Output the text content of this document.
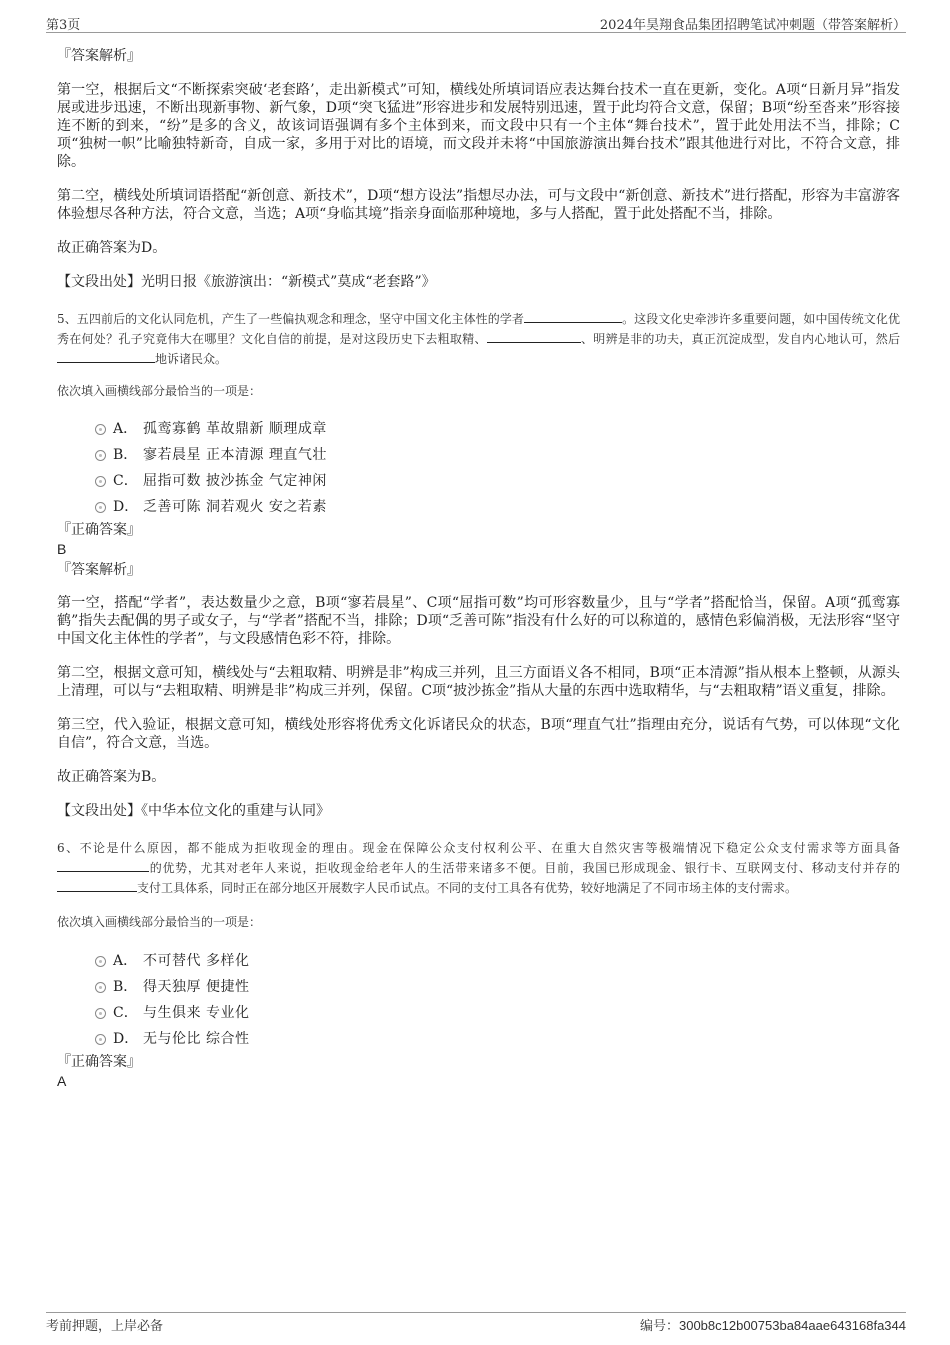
第3页	2024年昊翔食品集团招聘笔试冲刺题（带答案解析）

『答案解析』

第一空，根据后文“不断探索突破‘老套路’，走出新模式”可知，横线处所填词语应表达舞台技术一直在更新，变化。A项“日新月异”指发展或进步迅速，不断出现新事物、新气象，D项“突飞猛进”形容进步和发展特别迅速，置于此均符合文意，保留；B项“纷至沓来”形容接连不断的到来，“纷”是多的含义，故该词语强调有多个主体到来，而文段中只有一个主体“舞台技术”，置于此处用法不当，排除；C项“独树一帜”比喻独特新奇，自成一家，多用于对比的语境，而文段并未将“中国旅游演出舞台技术”跟其他进行对比，不符合文意，排除。

第二空，横线处所填词语搭配“新创意、新技术”，D项“想方设法”指想尽办法，可与文段中“新创意、新技术”进行搭配，形容为丰富游客体验想尽各种方法，符合文意，当选；A项“身临其境”指亲身面临那种境地，多与人搭配，置于此处搭配不当，排除。

故正确答案为D。

【文段出处】光明日报《旅游演出：“新模式”莫成“老套路”》

5、五四前后的文化认同危机，产生了一些偏执观念和理念，坚守中国文化主体性的学者	。这段文化史牵涉许多重要问题，如中国传统文化优秀在何处？孔子究竟伟大在哪里？文化自信的前提，是对这段历史下去粗取精、	、明辨是非的功夫，真正沉淀成型，发自内心地认可，然后地诉诸民众。

依次填入画横线部分最恰当的一项是：

A． 孤鸾寡鹤 革故鼎新 顺理成章
B． 寥若晨星 正本清源 理直气壮
C． 屈指可数 披沙拣金 气定神闲
D． 乏善可陈 洞若观火 安之若素

『正确答案』

B

『答案解析』

第一空，搭配“学者”，表达数量少之意，B项“寥若晨星”、C项“屈指可数”均可形容数量少，且与“学者”搭配恰当，保留。A项“孤鸾寡鹤”指失去配偶的男子或女子，与“学者”搭配不当，排除；D项“乏善可陈”指没有什么好的可以称道的，感情色彩偏消极，无法形容“坚守中国文化主体性的学者”，与文段感情色彩不符，排除。

第二空，根据文意可知，横线处与“去粗取精、明辨是非”构成三并列，且三方面语义各不相同，B项“正本清源”指从根本上整顿，从源头上清理，可以与“去粗取精、明辨是非”构成三并列，保留。C项“披沙拣金”指从大量的东西中选取精华，与“去粗取精”语义重复，排除。

第三空，代入验证，根据文意可知，横线处形容将优秀文化诉诸民众的状态，B项“理直气壮”指理由充分，说话有气势，可以体现“文化自信”，符合文意，当选。

故正确答案为B。

【文段出处】《中华本位文化的重建与认同》

6、不论是什么原因，都不能成为拒收现金的理由。现金在保障公众支付权利公平、在重大自然灾害等极端情况下稳定公众支付需求等方面具备的优势，尤其对老年人来说，拒收现金给老年人的生活带来诸多不便。目前，我国已形成现金、银行卡、互联网支付、移动支付并存的支付工具体系，同时正在部分地区开展数字人民币试点。不同的支付工具各有优势，较好地满足了不同市场主体的支付需求。

依次填入画横线部分最恰当的一项是：

A． 不可替代 多样化
B． 得天独厚 便捷性
C． 与生俱来 专业化
D． 无与伦比 综合性

『正确答案』

A

考前押题，上岸必备	编号：300b8c12b00753ba84aae643168fa344
